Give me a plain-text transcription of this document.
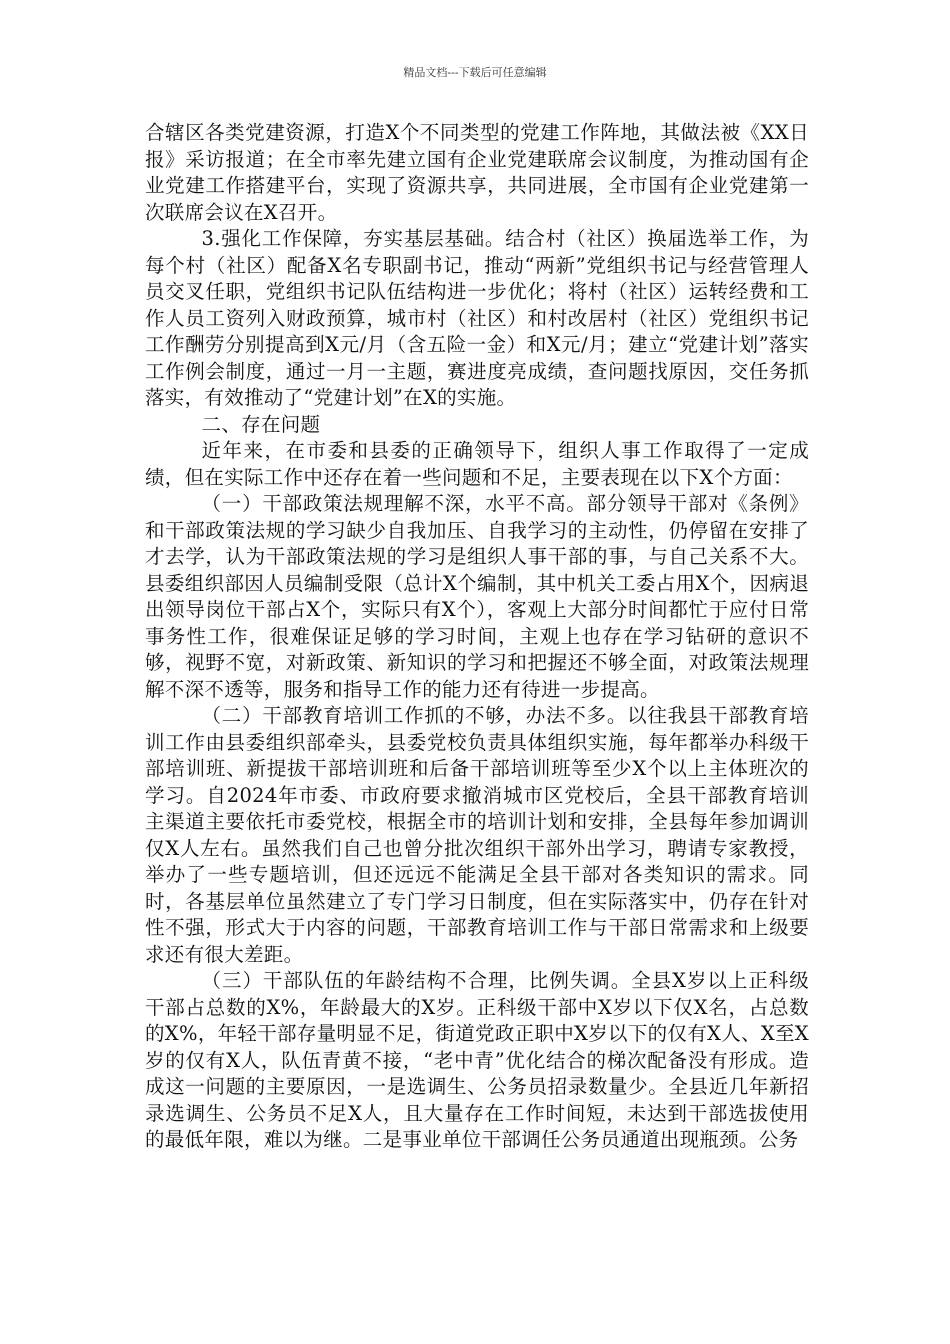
精品文档---下载后可任意编辑

合辖区各类党建资源，打造X个不同类型的党建工作阵地，其做法被《XX日报》采访报道；在全市率先建立国有企业党建联席会议制度，为推动国有企业党建工作搭建平台，实现了资源共享，共同进展，全市国有企业党建第一次联席会议在X召开。

3.强化工作保障，夯实基层基础。结合村（社区）换届选举工作，为每个村（社区）配备X名专职副书记，推动“两新”党组织书记与经营管理人员交叉任职，党组织书记队伍结构进一步优化；将村（社区）运转经费和工作人员工资列入财政预算，城市村（社区）和村改居村（社区）党组织书记工作酬劳分别提高到X元/月（含五险一金）和X元/月；建立“党建计划”落实工作例会制度，通过一月一主题，赛进度亮成绩，查问题找原因，交任务抓落实，有效推动了“党建计划”在X的实施。

二、存在问题

近年来，在市委和县委的正确领导下，组织人事工作取得了一定成绩，但在实际工作中还存在着一些问题和不足，主要表现在以下X个方面：

（一）干部政策法规理解不深，水平不高。部分领导干部对《条例》和干部政策法规的学习缺少自我加压、自我学习的主动性，仍停留在安排了才去学，认为干部政策法规的学习是组织人事干部的事，与自己关系不大。县委组织部因人员编制受限（总计X个编制，其中机关工委占用X个，因病退出领导岗位干部占X个，实际只有X个），客观上大部分时间都忙于应付日常事务性工作，很难保证足够的学习时间，主观上也存在学习钻研的意识不够，视野不宽，对新政策、新知识的学习和把握还不够全面，对政策法规理解不深不透等，服务和指导工作的能力还有待进一步提高。

（二）干部教育培训工作抓的不够，办法不多。以往我县干部教育培训工作由县委组织部牵头，县委党校负责具体组织实施，每年都举办科级干部培训班、新提拔干部培训班和后备干部培训班等至少X个以上主体班次的学习。自2024年市委、市政府要求撤消城市区党校后，全县干部教育培训主渠道主要依托市委党校，根据全市的培训计划和安排，全县每年参加调训仅X人左右。虽然我们自己也曾分批次组织干部外出学习，聘请专家教授，举办了一些专题培训，但还远远不能满足全县干部对各类知识的需求。同时，各基层单位虽然建立了专门学习日制度，但在实际落实中，仍存在针对性不强，形式大于内容的问题，干部教育培训工作与干部日常需求和上级要求还有很大差距。

（三）干部队伍的年龄结构不合理，比例失调。全县X岁以上正科级干部占总数的X%，年龄最大的X岁。正科级干部中X岁以下仅X名，占总数的X%，年轻干部存量明显不足，街道党政正职中X岁以下的仅有X人、X至X岁的仅有X人，队伍青黄不接，“老中青”优化结合的梯次配备没有形成。造成这一问题的主要原因，一是选调生、公务员招录数量少。全县近几年新招录选调生、公务员不足X人，且大量存在工作时间短，未达到干部选拔使用的最低年限，难以为继。二是事业单位干部调任公务员通道出现瓶颈。公务
